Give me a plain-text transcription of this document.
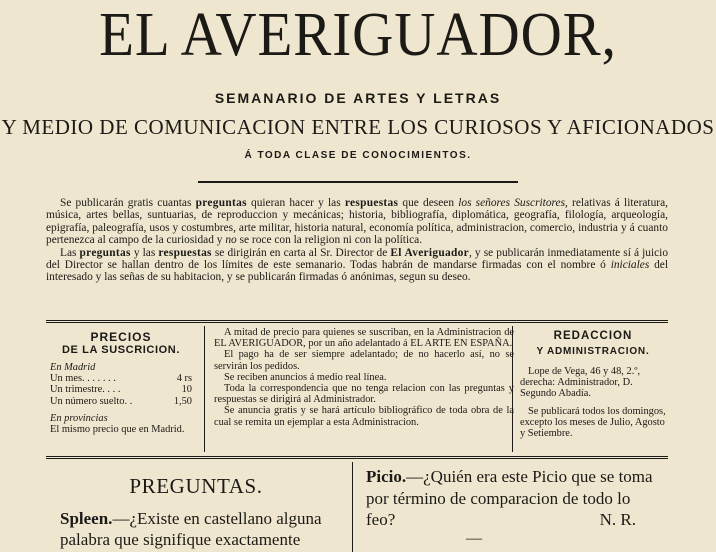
EL AVERIGUADOR,
SEMANARIO DE ARTES Y LETRAS
Y MEDIO DE COMUNICACION ENTRE LOS CURIOSOS Y AFICIONADOS
Á TODA CLASE DE CONOCIMIENTOS.

Se publicarán gratis cuantas preguntas quieran hacer y las respuestas que deseen los señores Suscritores, relativas á literatura, música, artes bellas, suntuarias, de reproduccion y mecánicas; historia, bibliografía, diplomática, geografía, filología, arqueología, epigrafía, paleografía, usos y costumbres, arte militar, historia natural, economía política, administracion, comercio, industria y á cuanto pertenezca al campo de la curiosidad y no se roce con la religion ni con la política.

Las preguntas y las respuestas se dirigirán en carta al Sr. Director de El Averiguador, y se publicarán inmediatamente sí á juicio del Director se hallan dentro de los límites de este semanario. Todas habrán de mandarse firmadas con el nombre ó iniciales del interesado y las señas de su habitacion, y se publicarán firmadas ó anónimas, segun su deseo.

PRECIOS
DE LA SUSCRICION.
En Madrid
Un mes. . . . . . .	4 rs
Un trimestre. . . .	10
Un número suelto. .	1,50
En provincias
El mismo precio que en Madrid.

A mitad de precio para quienes se suscriban, en la Administracion de EL AVERIGUADOR, por un año adelantado á EL ARTE EN ESPAÑA.

El pago ha de ser siempre adelantado; de no hacerlo así, no se servirán los pedidos.

Se reciben anuncios á medio real línea.

Toda la correspondencia que no tenga relacion con las preguntas y respuestas se dirigirá al Administrador.

Se anuncia gratis y se hará artículo bibliográfico de toda obra de la cual se remita un ejemplar a esta Administracion.

REDACCION
Y ADMINISTRACION.

Lope de Vega, 46 y 48, 2.º, derecha: Administrador, D. Segundo Abadía.

Se publicará todos los domingos, excepto los meses de Julio, Agosto y Setiembre.

PREGUNTAS.
Spleen.—¿Existe en castellano alguna palabra que signifique exactamente
Picio.—¿Quién era este Picio que se toma por término de comparacion de todo lo feo?	N. R.
—
